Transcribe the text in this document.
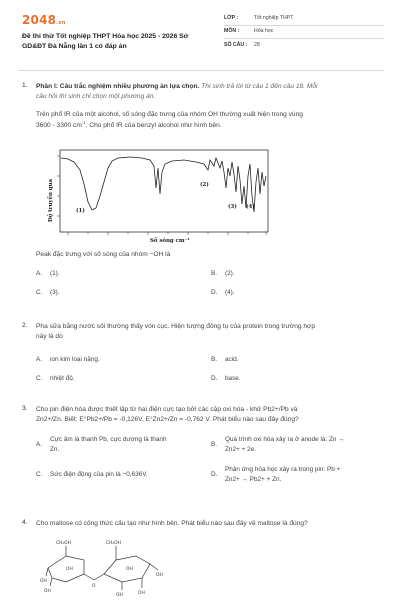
2048.vn
Đề thi thử Tốt nghiệp THPT Hóa học 2025 - 2026 Sở
GD&ĐT Đà Nẵng lần 1 có đáp án
LỚP :	Tốt nghiệp THPT
MÔN :	Hóa học
SỐ CÂU :	28
1. Phần I: Câu trắc nghiệm nhiều phương án lựa chọn. Thí sinh trả lời từ câu 1 đến câu 18. Mỗi
câu hỏi thí sinh chỉ chọn một phương án.
Trên phổ IR của một alcohol, số sóng đặc trưng của nhóm OH thường xuất hiện trong vùng
3600 - 3300 $cm^{-1}$. Cho phổ IR của benzyl alcohol như hình bên.
(1)
(2)
(3) (4)
Độ truyền qua
Số sóng cm⁻¹
Peak đặc trưng với số sóng của nhóm −OH là
A.	(1).	B.	(2).
C.	(3).	D.	(4).
2. Pha sữa bằng nước sôi thường thấy vón cục. Hiện tượng đông tụ của protein trong trường hợp
này là do
A.	ion kim loại nặng.	B.	acid.
C.	nhiệt độ.	D.	base.
3. Cho pin điện hóa được thiết lập từ hai điện cực tạo bởi các cặp oxi hóa - khử Pb2+/Pb và
Zn2+/Zn. Biết: E°Pb2+/Pb = -0,126V, E°Zn2+/Zn = -0,762 V. Phát biểu nào sau đây đúng?
A.
Cực âm là thanh Pb, cực dương là thanh
Zn.
B.
Quá trình oxi hóa xảy ra ở anode là: Zn →
Zn2+ + 2e.
C.	Sức điện động của pin là −0,636V.	D.
Phản ứng hóa học xảy ra trong pin: Pb +
Zn2+ → Pb2+ + Zn.
4. Cho maltose có công thức cấu tạo như hình bên. Phát biểu nào sau đây về maltose là đúng?
CH₂OH	CH₂OH
OH
OH
OH
O
OH
OH
OH
OH
